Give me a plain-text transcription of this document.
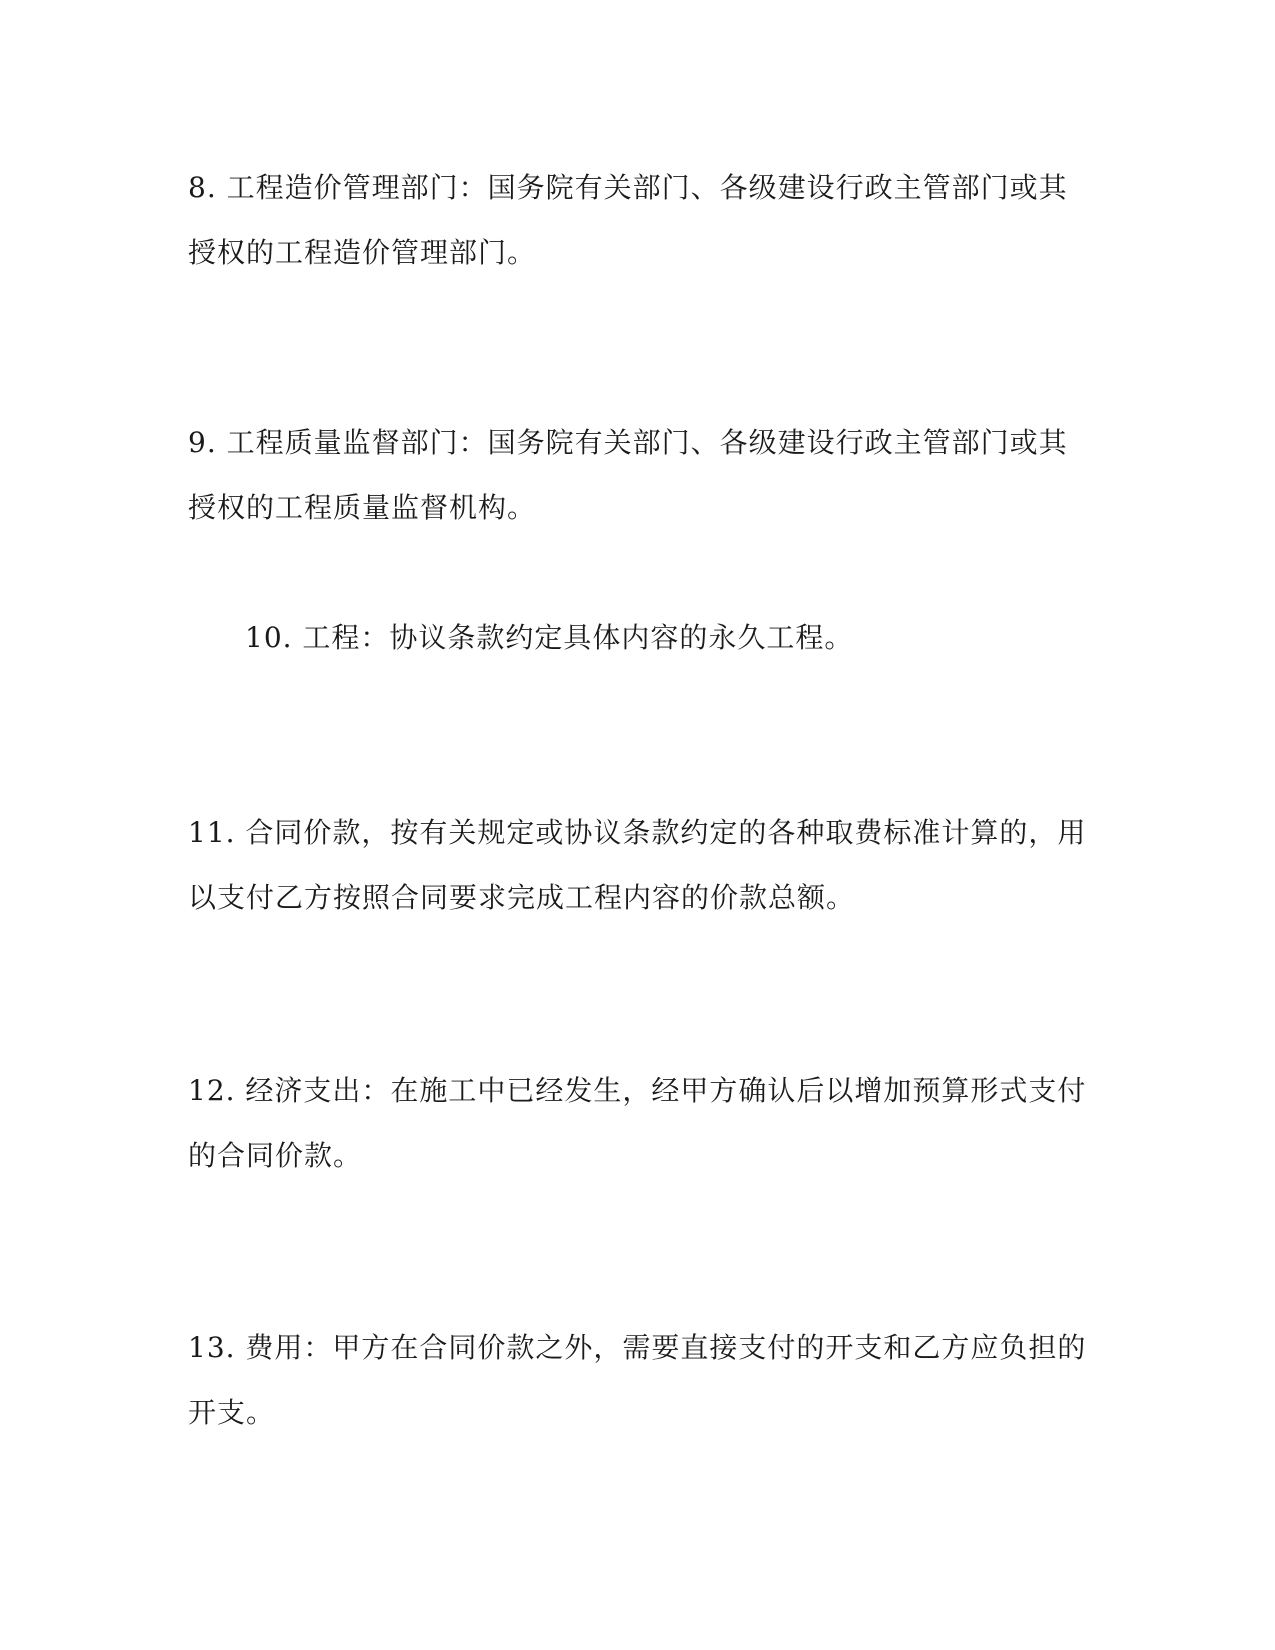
8. 工程造价管理部门：国务院有关部门、各级建设行政主管部门或其
授权的工程造价管理部门。

9. 工程质量监督部门：国务院有关部门、各级建设行政主管部门或其
授权的工程质量监督机构。

10. 工程：协议条款约定具体内容的永久工程。

11. 合同价款，按有关规定或协议条款约定的各种取费标准计算的，用
以支付乙方按照合同要求完成工程内容的价款总额。

12. 经济支出：在施工中已经发生，经甲方确认后以增加预算形式支付
的合同价款。

13. 费用：甲方在合同价款之外，需要直接支付的开支和乙方应负担的
开支。
